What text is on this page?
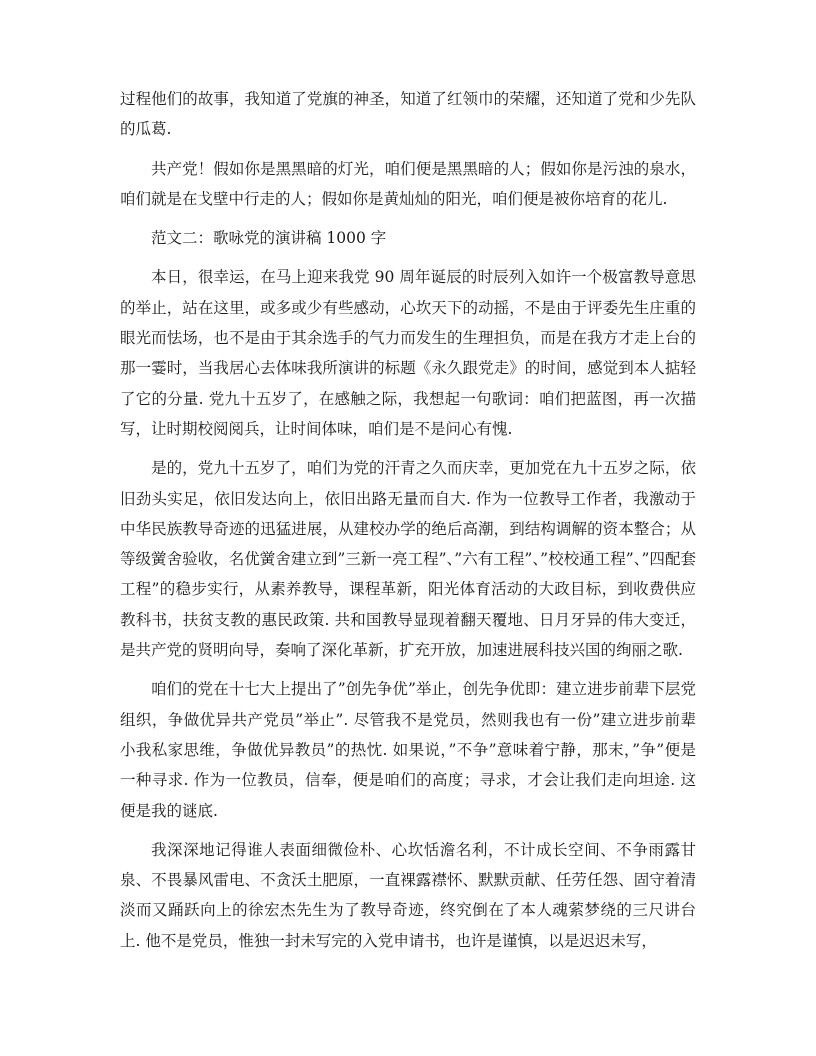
过程他们的故事，我知道了党旗的神圣，知道了红领巾的荣耀，还知道了党和少先队的瓜葛.

共产党！假如你是黑黑暗的灯光，咱们便是黑黑暗的人；假如你是污浊的泉水，咱们就是在戈壁中行走的人；假如你是黄灿灿的阳光，咱们便是被你培育的花儿.

范文二：歌咏党的演讲稿 1000 字

本日，很幸运，在马上迎来我党 90 周年诞辰的时辰列入如许一个极富教导意思的举止，站在这里，或多或少有些感动，心坎天下的动摇，不是由于评委先生庄重的眼光而怯场，也不是由于其余选手的气力而发生的生理担负，而是在我方才走上台的那一霎时，当我居心去体味我所演讲的标题《永久跟党走》的时间，感觉到本人掂轻了它的分量. 党九十五岁了，在感触之际，我想起一句歌词：咱们把蓝图，再一次描写，让时期校阅阅兵，让时间体味，咱们是不是问心有愧.

是的，党九十五岁了，咱们为党的汗青之久而庆幸，更加党在九十五岁之际，依旧劲头实足，依旧发达向上，依旧出路无量而自大. 作为一位教导工作者，我激动于中华民族教导奇迹的迅猛进展，从建校办学的绝后高潮，到结构调解的资本整合；从等级黉舍验收，名优黉舍建立到”三新一亮工程”、”六有工程”、”校校通工程”、”四配套工程”的稳步实行，从素养教导，课程革新，阳光体育活动的大政目标，到收费供应教科书，扶贫支教的惠民政策. 共和国教导显现着翻天覆地、日月牙异的伟大变迁，是共产党的贤明向导，奏响了深化革新，扩充开放，加速进展科技兴国的绚丽之歌.

咱们的党在十七大上提出了”创先争优”举止，创先争优即：建立进步前辈下层党组织，争做优异共产党员”举止”. 尽管我不是党员，然则我也有一份”建立进步前辈小我私家思维，争做优异教员”的热忱. 如果说，”不争”意味着宁静，那末，”争”便是一种寻求. 作为一位教员，信奉，便是咱们的高度；寻求，才会让我们走向坦途. 这便是我的谜底.

我深深地记得谁人表面细微俭朴、心坎恬澹名利，不计成长空间、不争雨露甘泉、不畏暴风雷电、不贪沃土肥原，一直裸露襟怀、默默贡献、任劳任怨、固守着清淡而又踊跃向上的徐宏杰先生为了教导奇迹，终究倒在了本人魂萦梦绕的三尺讲台上. 他不是党员，惟独一封未写完的入党申请书，也许是谨慎，以是迟迟未写，
